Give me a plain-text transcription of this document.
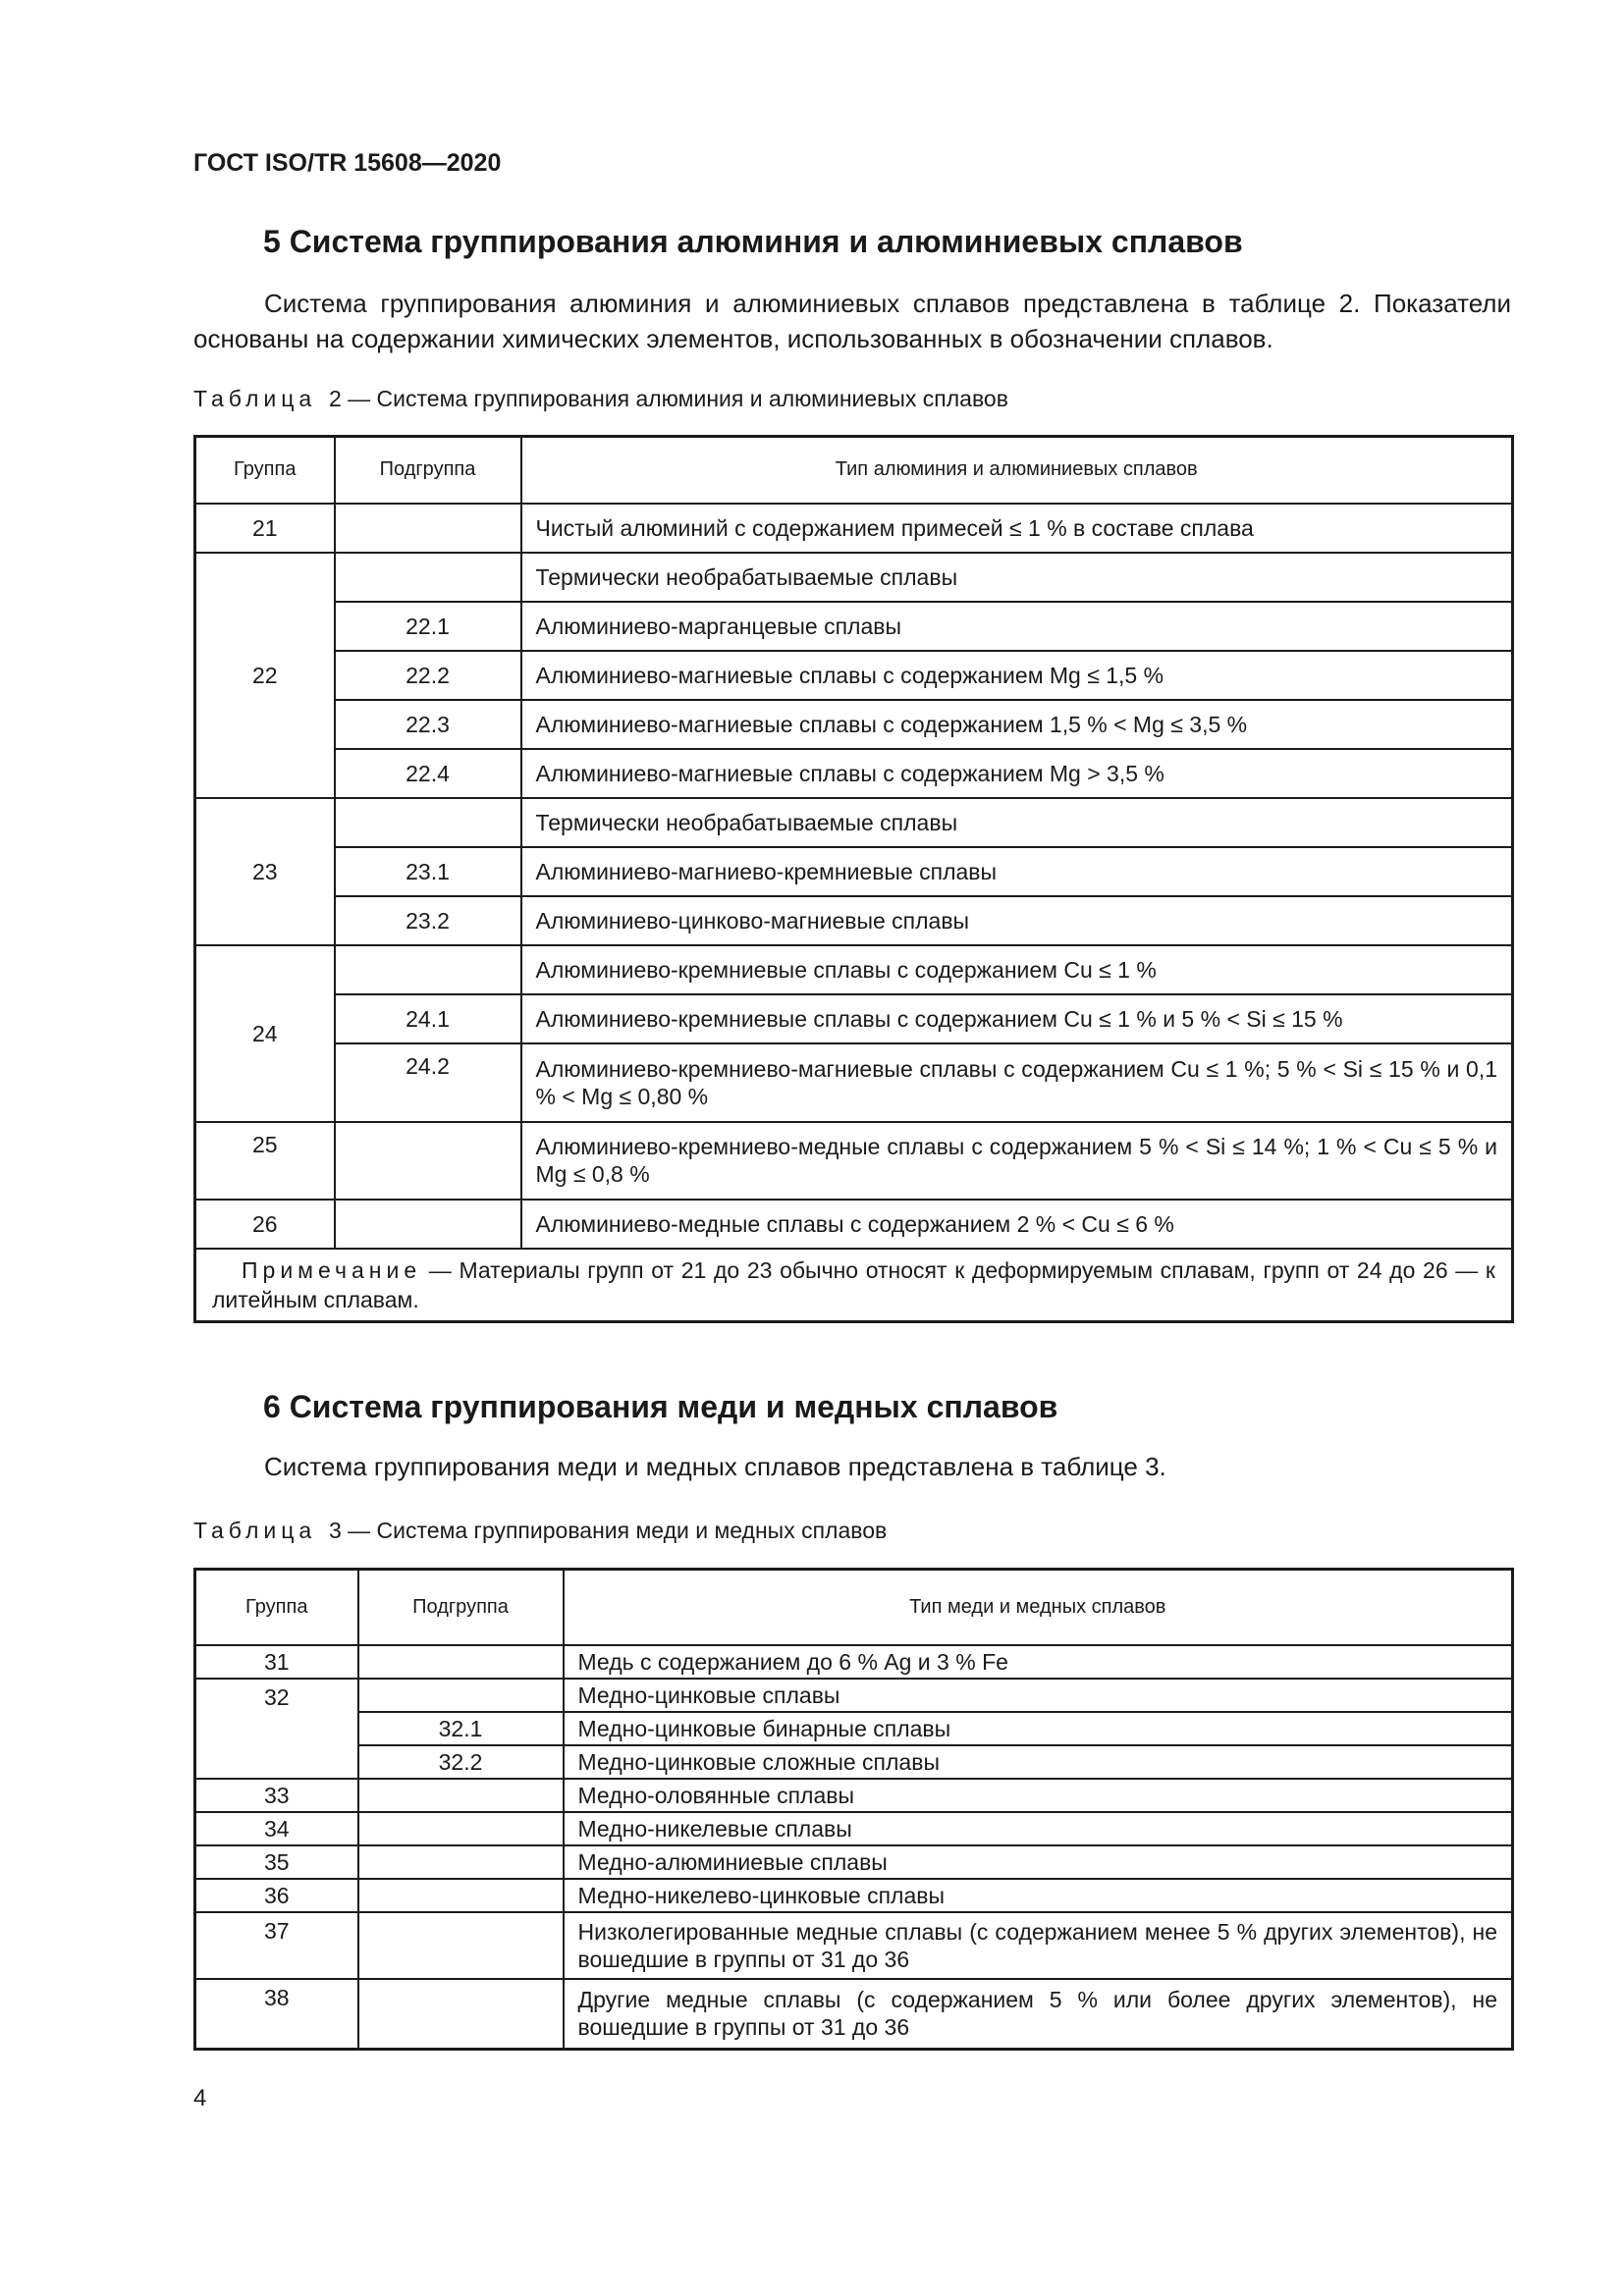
ГОСТ ISO/TR 15608—2020
5 Система группирования алюминия и алюминиевых сплавов
Система группирования алюминия и алюминиевых сплавов представлена в таблице 2. Показатели основаны на содержании химических элементов, использованных в обозначении сплавов.
Таблица 2 — Система группирования алюминия и алюминиевых сплавов
Группа	Подгруппа	Тип алюминия и алюминиевых сплавов
21		Чистый алюминий с содержанием примесей ≤ 1 % в составе сплава
22		Термически необрабатываемые сплавы
	22.1	Алюминиево-марганцевые сплавы
	22.2	Алюминиево-магниевые сплавы с содержанием Mg ≤ 1,5 %
	22.3	Алюминиево-магниевые сплавы с содержанием 1,5 % < Mg ≤ 3,5 %
	22.4	Алюминиево-магниевые сплавы с содержанием Mg > 3,5 %
23		Термически необрабатываемые сплавы
	23.1	Алюминиево-магниево-кремниевые сплавы
	23.2	Алюминиево-цинково-магниевые сплавы
24		Алюминиево-кремниевые сплавы с содержанием Cu ≤ 1 %
	24.1	Алюминиево-кремниевые сплавы с содержанием Cu ≤ 1 % и 5 % < Si ≤ 15 %
	24.2	Алюминиево-кремниево-магниевые сплавы с содержанием Cu ≤ 1 %; 5 % < Si ≤ 15 % и 0,1 % < Mg ≤ 0,80 %
25		Алюминиево-кремниево-медные сплавы с содержанием 5 % < Si ≤ 14 %; 1 % < Cu ≤ 5 % и Mg ≤ 0,8 %
26		Алюминиево-медные сплавы с содержанием 2 % < Cu ≤ 6 %
Примечание — Материалы групп от 21 до 23 обычно относят к деформируемым сплавам, групп от 24 до 26 — к литейным сплавам.		
6 Система группирования меди и медных сплавов
Система группирования меди и медных сплавов представлена в таблице 3.
Таблица 3 — Система группирования меди и медных сплавов
Группа	Подгруппа	Тип меди и медных сплавов
31		Медь с содержанием до 6 % Ag и 3 % Fe
32		Медно-цинковые сплавы
	32.1	Медно-цинковые бинарные сплавы
	32.2	Медно-цинковые сложные сплавы
33		Медно-оловянные сплавы
34		Медно-никелевые сплавы
35		Медно-алюминиевые сплавы
36		Медно-никелево-цинковые сплавы
37		Низколегированные медные сплавы (с содержанием менее 5 % других элементов), не вошедшие в группы от 31 до 36
38		Другие медные сплавы (с содержанием 5 % или более других элементов), не вошедшие в группы от 31 до 36
4
